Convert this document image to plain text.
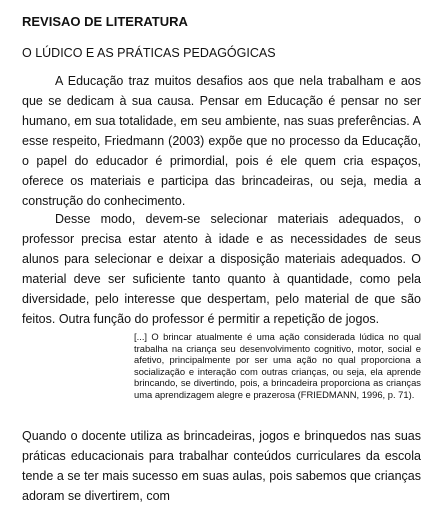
REVISAO DE LITERATURA
O LÚDICO E AS PRÁTICAS PEDAGÓGICAS

A Educação traz muitos desafios aos que nela trabalham e aos que se dedicam à sua causa. Pensar em Educação é pensar no ser humano, em sua totalidade, em seu ambiente, nas suas preferências. A esse respeito, Friedmann (2003) expõe que no processo da Educação, o papel do educador é primordial, pois é ele quem cria espaços, oferece os materiais e participa das brincadeiras, ou seja, media a construção do conhecimento.

Desse modo, devem-se selecionar materiais adequados, o professor precisa estar atento à idade e as necessidades de seus alunos para selecionar e deixar a disposição materiais adequados. O material deve ser suficiente tanto quanto à quantidade, como pela diversidade, pelo interesse que despertam, pelo material de que são feitos. Outra função do professor é permitir a repetição de jogos.

[...] O brincar atualmente é uma ação considerada lúdica no qual trabalha na criança seu desenvolvimento cognitivo, motor, social e afetivo, principalmente por ser uma ação no qual proporciona a socialização e interação com outras crianças, ou seja, ela aprende brincando, se divertindo, pois, a brincadeira proporciona as crianças uma aprendizagem alegre e prazerosa (FRIEDMANN, 1996, p. 71).

Quando o docente utiliza as brincadeiras, jogos e brinquedos nas suas práticas educacionais para trabalhar conteúdos curriculares da escola tende a se ter mais sucesso em suas aulas, pois sabemos que crianças adoram se divertirem, com
